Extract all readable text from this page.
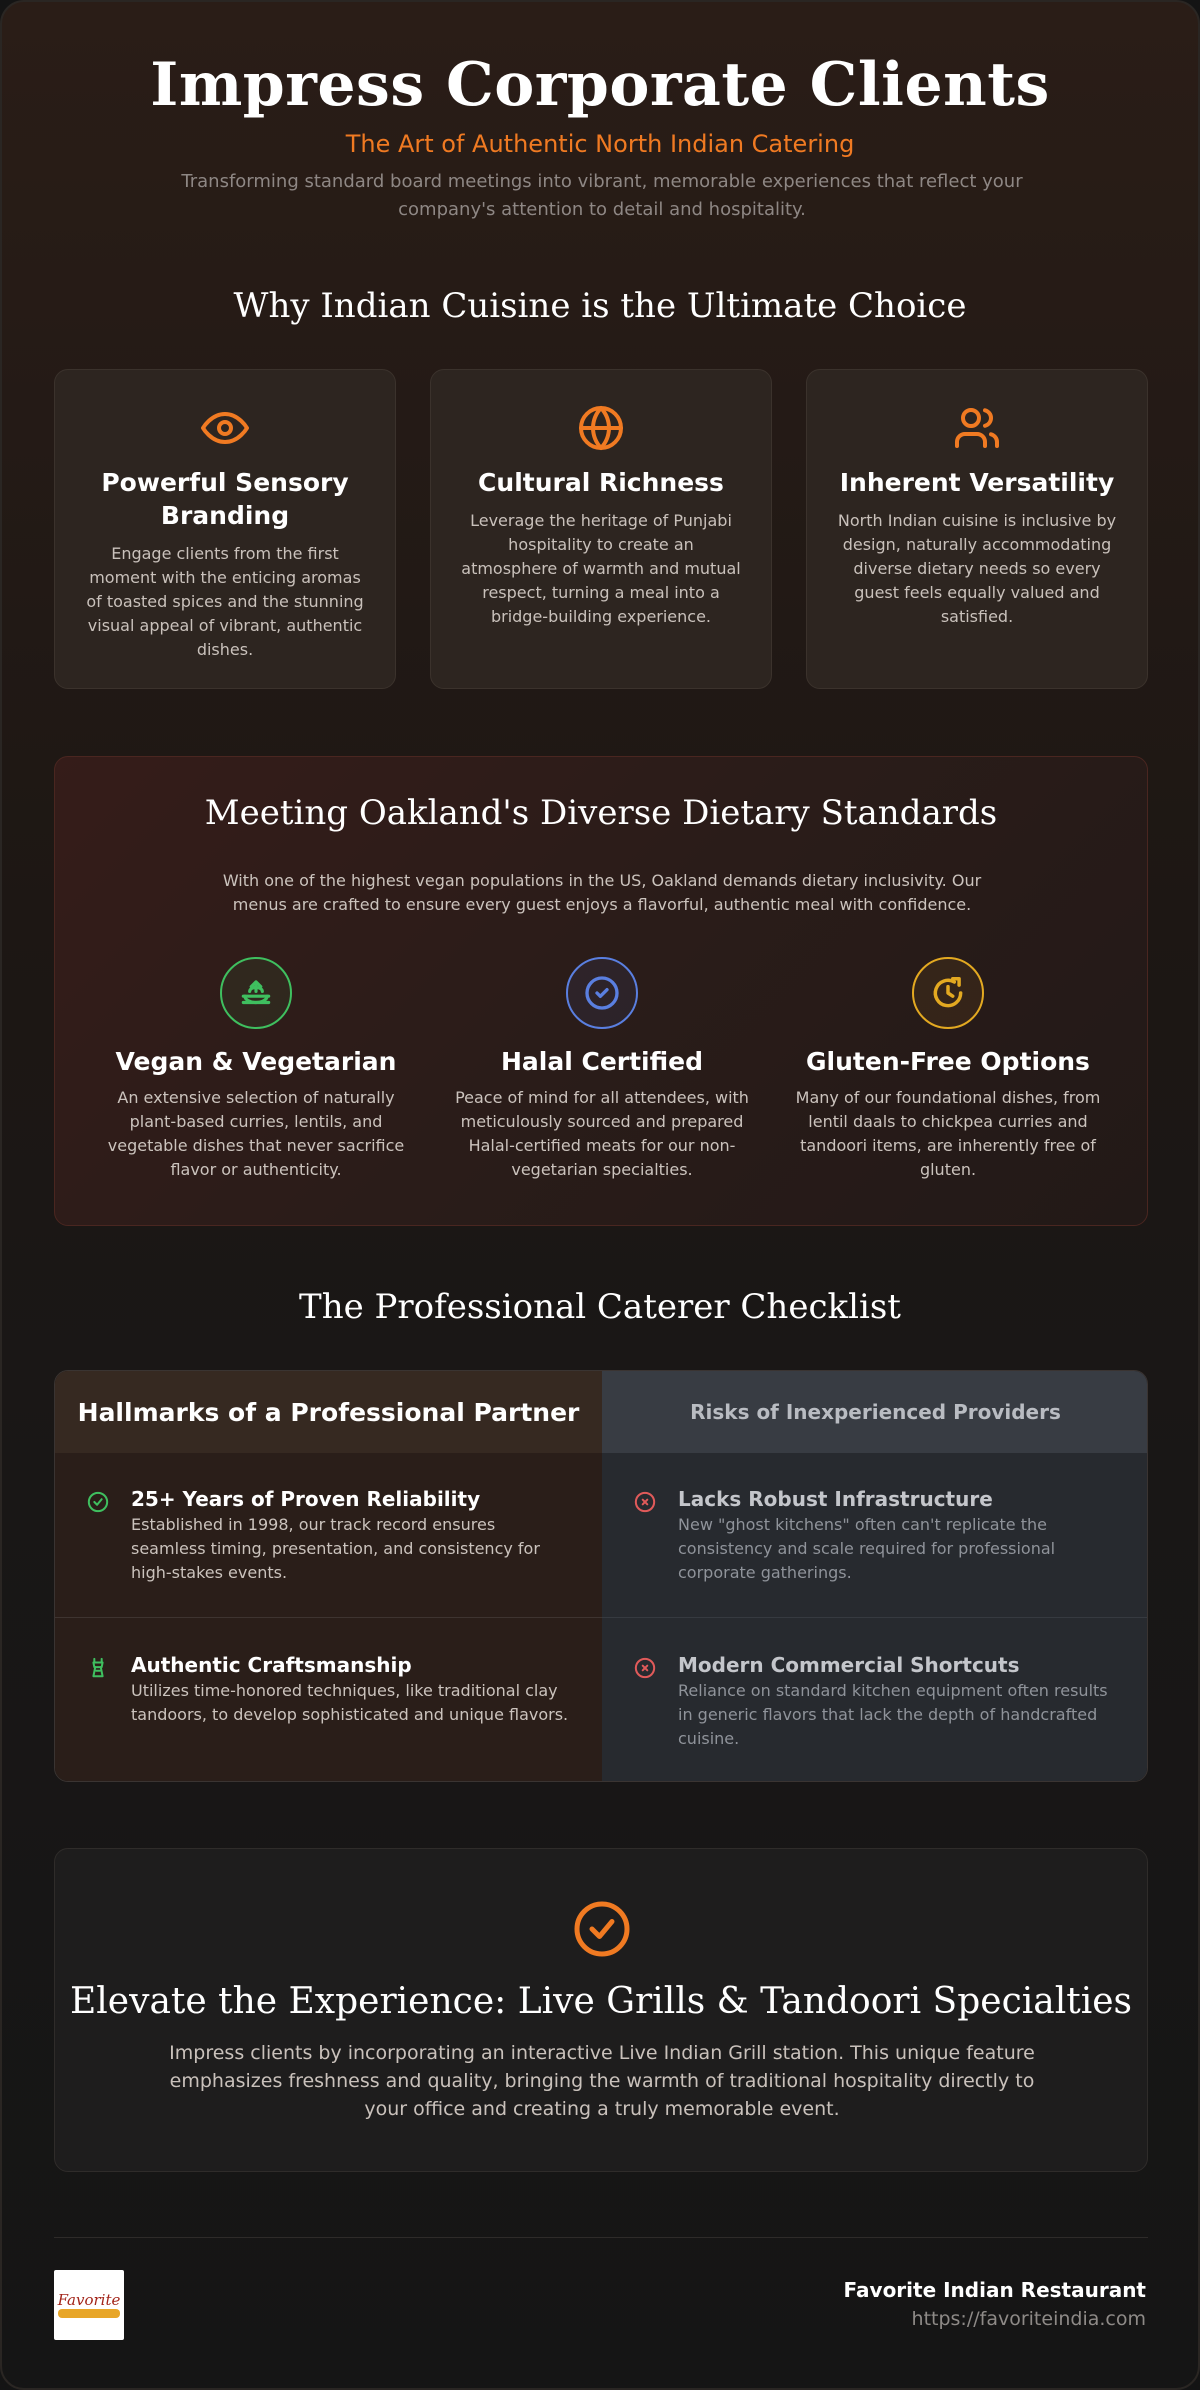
Impress Corporate Clients
The Art of Authentic North Indian Catering
Transforming standard board meetings into vibrant, memorable experiences that reflect your company's attention to detail and hospitality.
Why Indian Cuisine is the Ultimate Choice
Powerful Sensory Branding

Engage clients from the first moment with the enticing aromas of toasted spices and the stunning visual appeal of vibrant, authentic dishes.

Cultural Richness

Leverage the heritage of Punjabi hospitality to create an atmosphere of warmth and mutual respect, turning a meal into a bridge-building experience.

Inherent Versatility

North Indian cuisine is inclusive by design, naturally accommodating diverse dietary needs so every guest feels equally valued and satisfied.

Meeting Oakland's Diverse Dietary Standards

With one of the highest vegan populations in the US, Oakland demands dietary inclusivity. Our menus are crafted to ensure every guest enjoys a flavorful, authentic meal with confidence.

Vegan & Vegetarian

An extensive selection of naturally plant-based curries, lentils, and vegetable dishes that never sacrifice flavor or authenticity.

Halal Certified

Peace of mind for all attendees, with meticulously sourced and prepared Halal-certified meats for our non-vegetarian specialties.

Gluten-Free Options

Many of our foundational dishes, from lentil daals to chickpea curries and tandoori items, are inherently free of gluten.

The Professional Caterer Checklist
Hallmarks of a Professional Partner
25+ Years of Proven Reliability

Established in 1998, our track record ensures seamless timing, presentation, and consistency for high-stakes events.

Authentic Craftsmanship

Utilizes time-honored techniques, like traditional clay tandoors, to develop sophisticated and unique flavors.

Risks of Inexperienced Providers
Lacks Robust Infrastructure

New "ghost kitchens" often can't replicate the consistency and scale required for professional corporate gatherings.

Modern Commercial Shortcuts

Reliance on standard kitchen equipment often results in generic flavors that lack the depth of handcrafted cuisine.

Elevate the Experience: Live Grills & Tandoori Specialties

Impress clients by incorporating an interactive Live Indian Grill station. This unique feature emphasizes freshness and quality, bringing the warmth of traditional hospitality directly to your office and creating a truly memorable event.

Favorite	Favorite Indian Restaurant
https://favoriteindia.com
